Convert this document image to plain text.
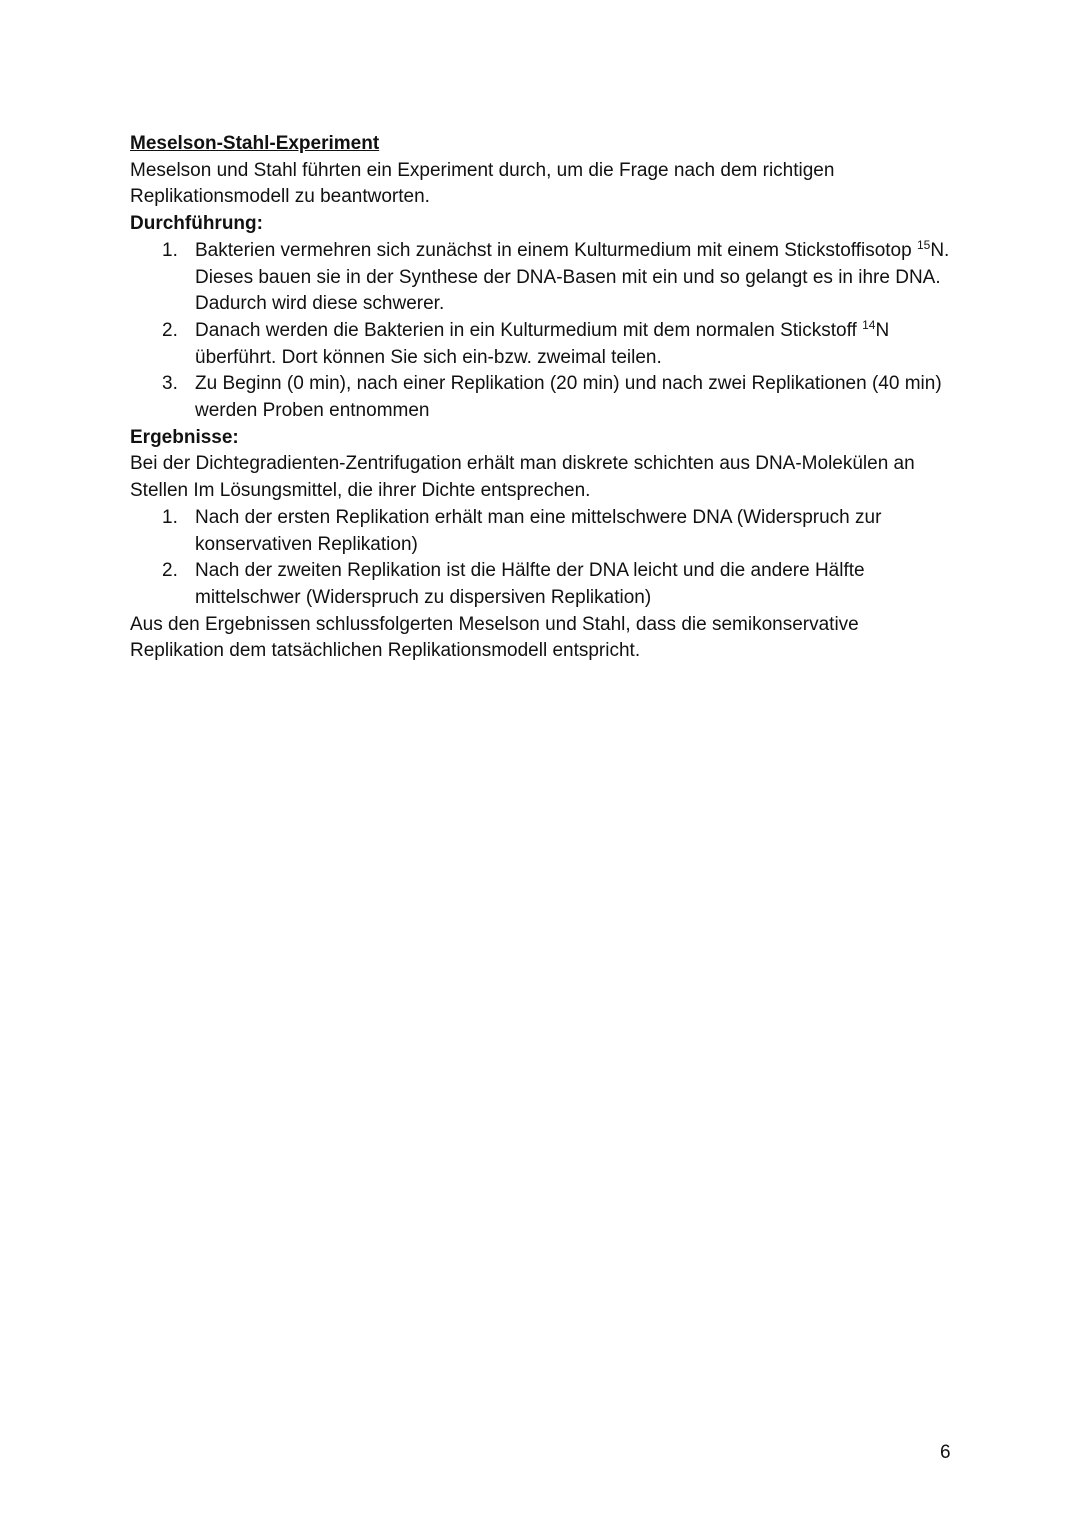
Meselson-Stahl-Experiment

Meselson und Stahl führten ein Experiment durch, um die Frage nach dem richtigen Replikationsmodell zu beantworten.

Durchführung:

1. Bakterien vermehren sich zunächst in einem Kulturmedium mit einem Stickstoffisotop $^{15}$N. Dieses bauen sie in der Synthese der DNA-Basen mit ein und so gelangt es in ihre DNA. Dadurch wird diese schwerer.
2. Danach werden die Bakterien in ein Kulturmedium mit dem normalen Stickstoff $^{14}$N überführt. Dort können Sie sich ein-bzw. zweimal teilen.
3. Zu Beginn (0 min), nach einer Replikation (20 min) und nach zwei Replikationen (40 min) werden Proben entnommen

Ergebnisse:

Bei der Dichtegradienten-Zentrifugation erhält man diskrete schichten aus DNA-Molekülen an Stellen Im Lösungsmittel, die ihrer Dichte entsprechen.

1. Nach der ersten Replikation erhält man eine mittelschwere DNA (Widerspruch zur konservativen Replikation)
2. Nach der zweiten Replikation ist die Hälfte der DNA leicht und die andere Hälfte mittelschwer (Widerspruch zu dispersiven Replikation)

Aus den Ergebnissen schlussfolgerten Meselson und Stahl, dass die semikonservative Replikation dem tatsächlichen Replikationsmodell entspricht.

6
